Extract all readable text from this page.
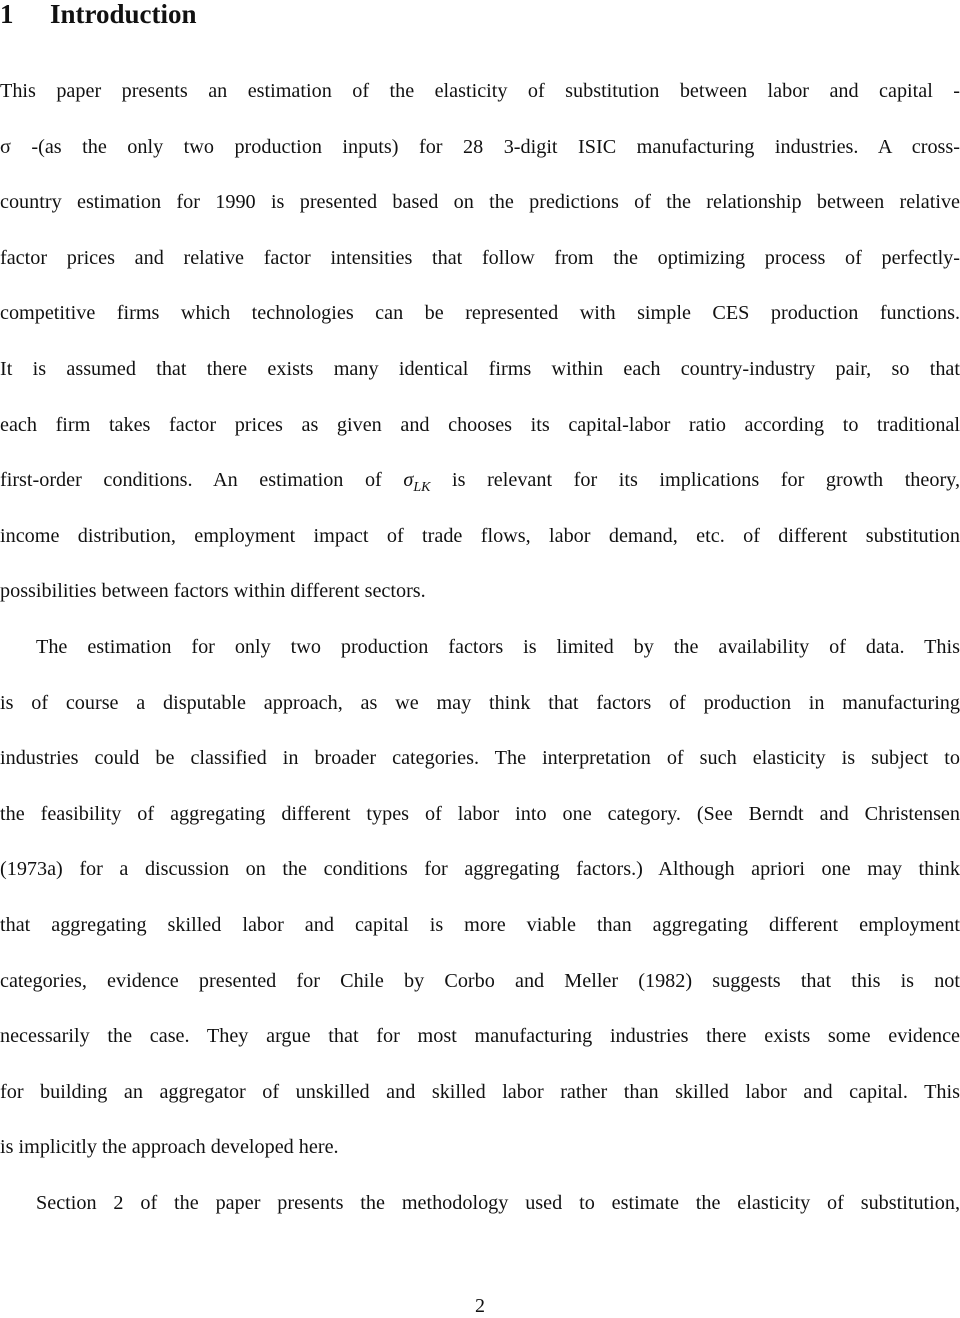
1 Introduction
This paper presents an estimation of the elasticity of substitution between labor and capital -
σ -(as the only two production inputs) for 28 3-digit ISIC manufacturing industries. A cross-
country estimation for 1990 is presented based on the predictions of the relationship between relative
factor prices and relative factor intensities that follow from the optimizing process of perfectly-
competitive firms which technologies can be represented with simple CES production functions.
It is assumed that there exists many identical firms within each country-industry pair, so that
each firm takes factor prices as given and chooses its capital-labor ratio according to traditional
first-order conditions. An estimation of $\sigma_{LK}$ is relevant for its implications for growth theory,
income distribution, employment impact of trade flows, labor demand, etc. of different substitution
possibilities between factors within different sectors.
The estimation for only two production factors is limited by the availability of data. This
is of course a disputable approach, as we may think that factors of production in manufacturing
industries could be classified in broader categories. The interpretation of such elasticity is subject to
the feasibility of aggregating different types of labor into one category. (See Berndt and Christensen
(1973a) for a discussion on the conditions for aggregating factors.) Although apriori one may think
that aggregating skilled labor and capital is more viable than aggregating different employment
categories, evidence presented for Chile by Corbo and Meller (1982) suggests that this is not
necessarily the case. They argue that for most manufacturing industries there exists some evidence
for building an aggregator of unskilled and skilled labor rather than skilled labor and capital. This
is implicitly the approach developed here.
Section 2 of the paper presents the methodology used to estimate the elasticity of substitution,
2
